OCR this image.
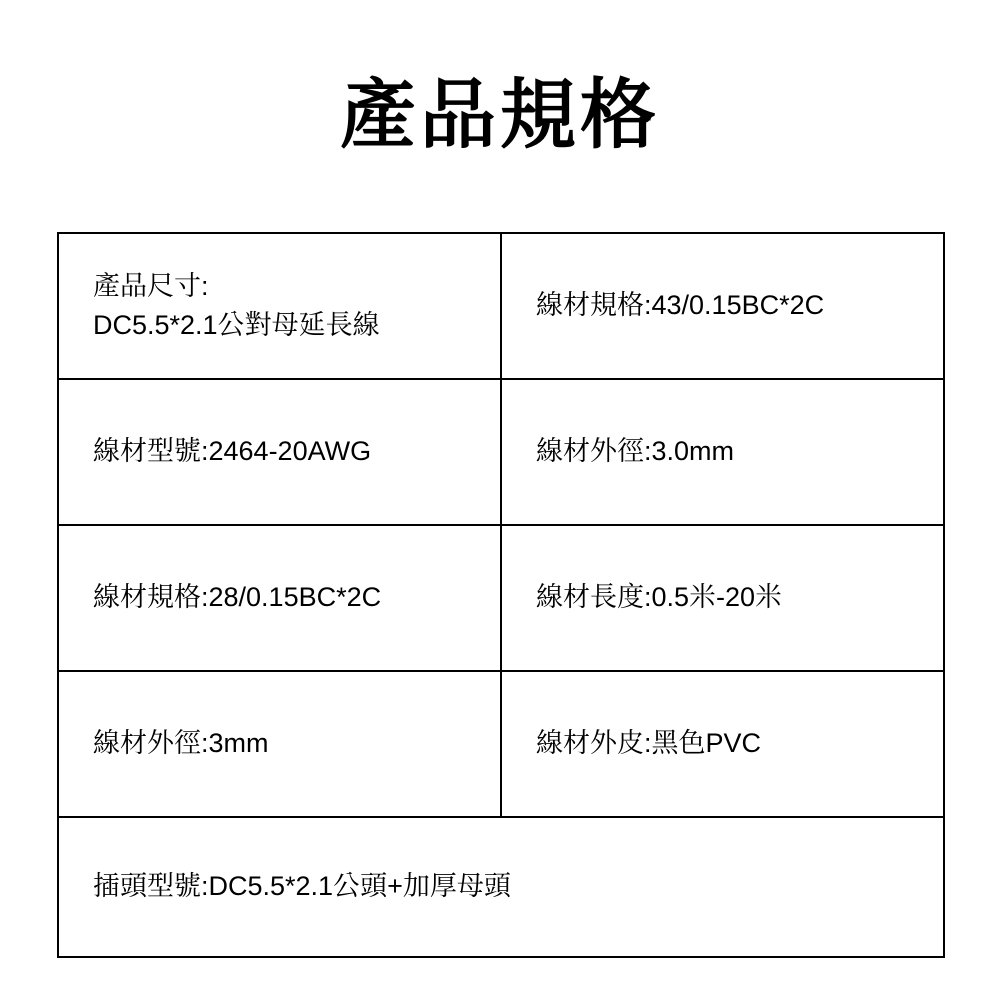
產品規格
產品尺寸:
DC5.5*2.1公對母延長線	線材規格:43/0.15BC*2C

線材型號:2464-20AWG	線材外徑:3.0mm

線材規格:28/0.15BC*2C	線材長度:0.5米-20米

線材外徑:3mm	線材外皮:黑色PVC

插頭型號:DC5.5*2.1公頭+加厚母頭	
